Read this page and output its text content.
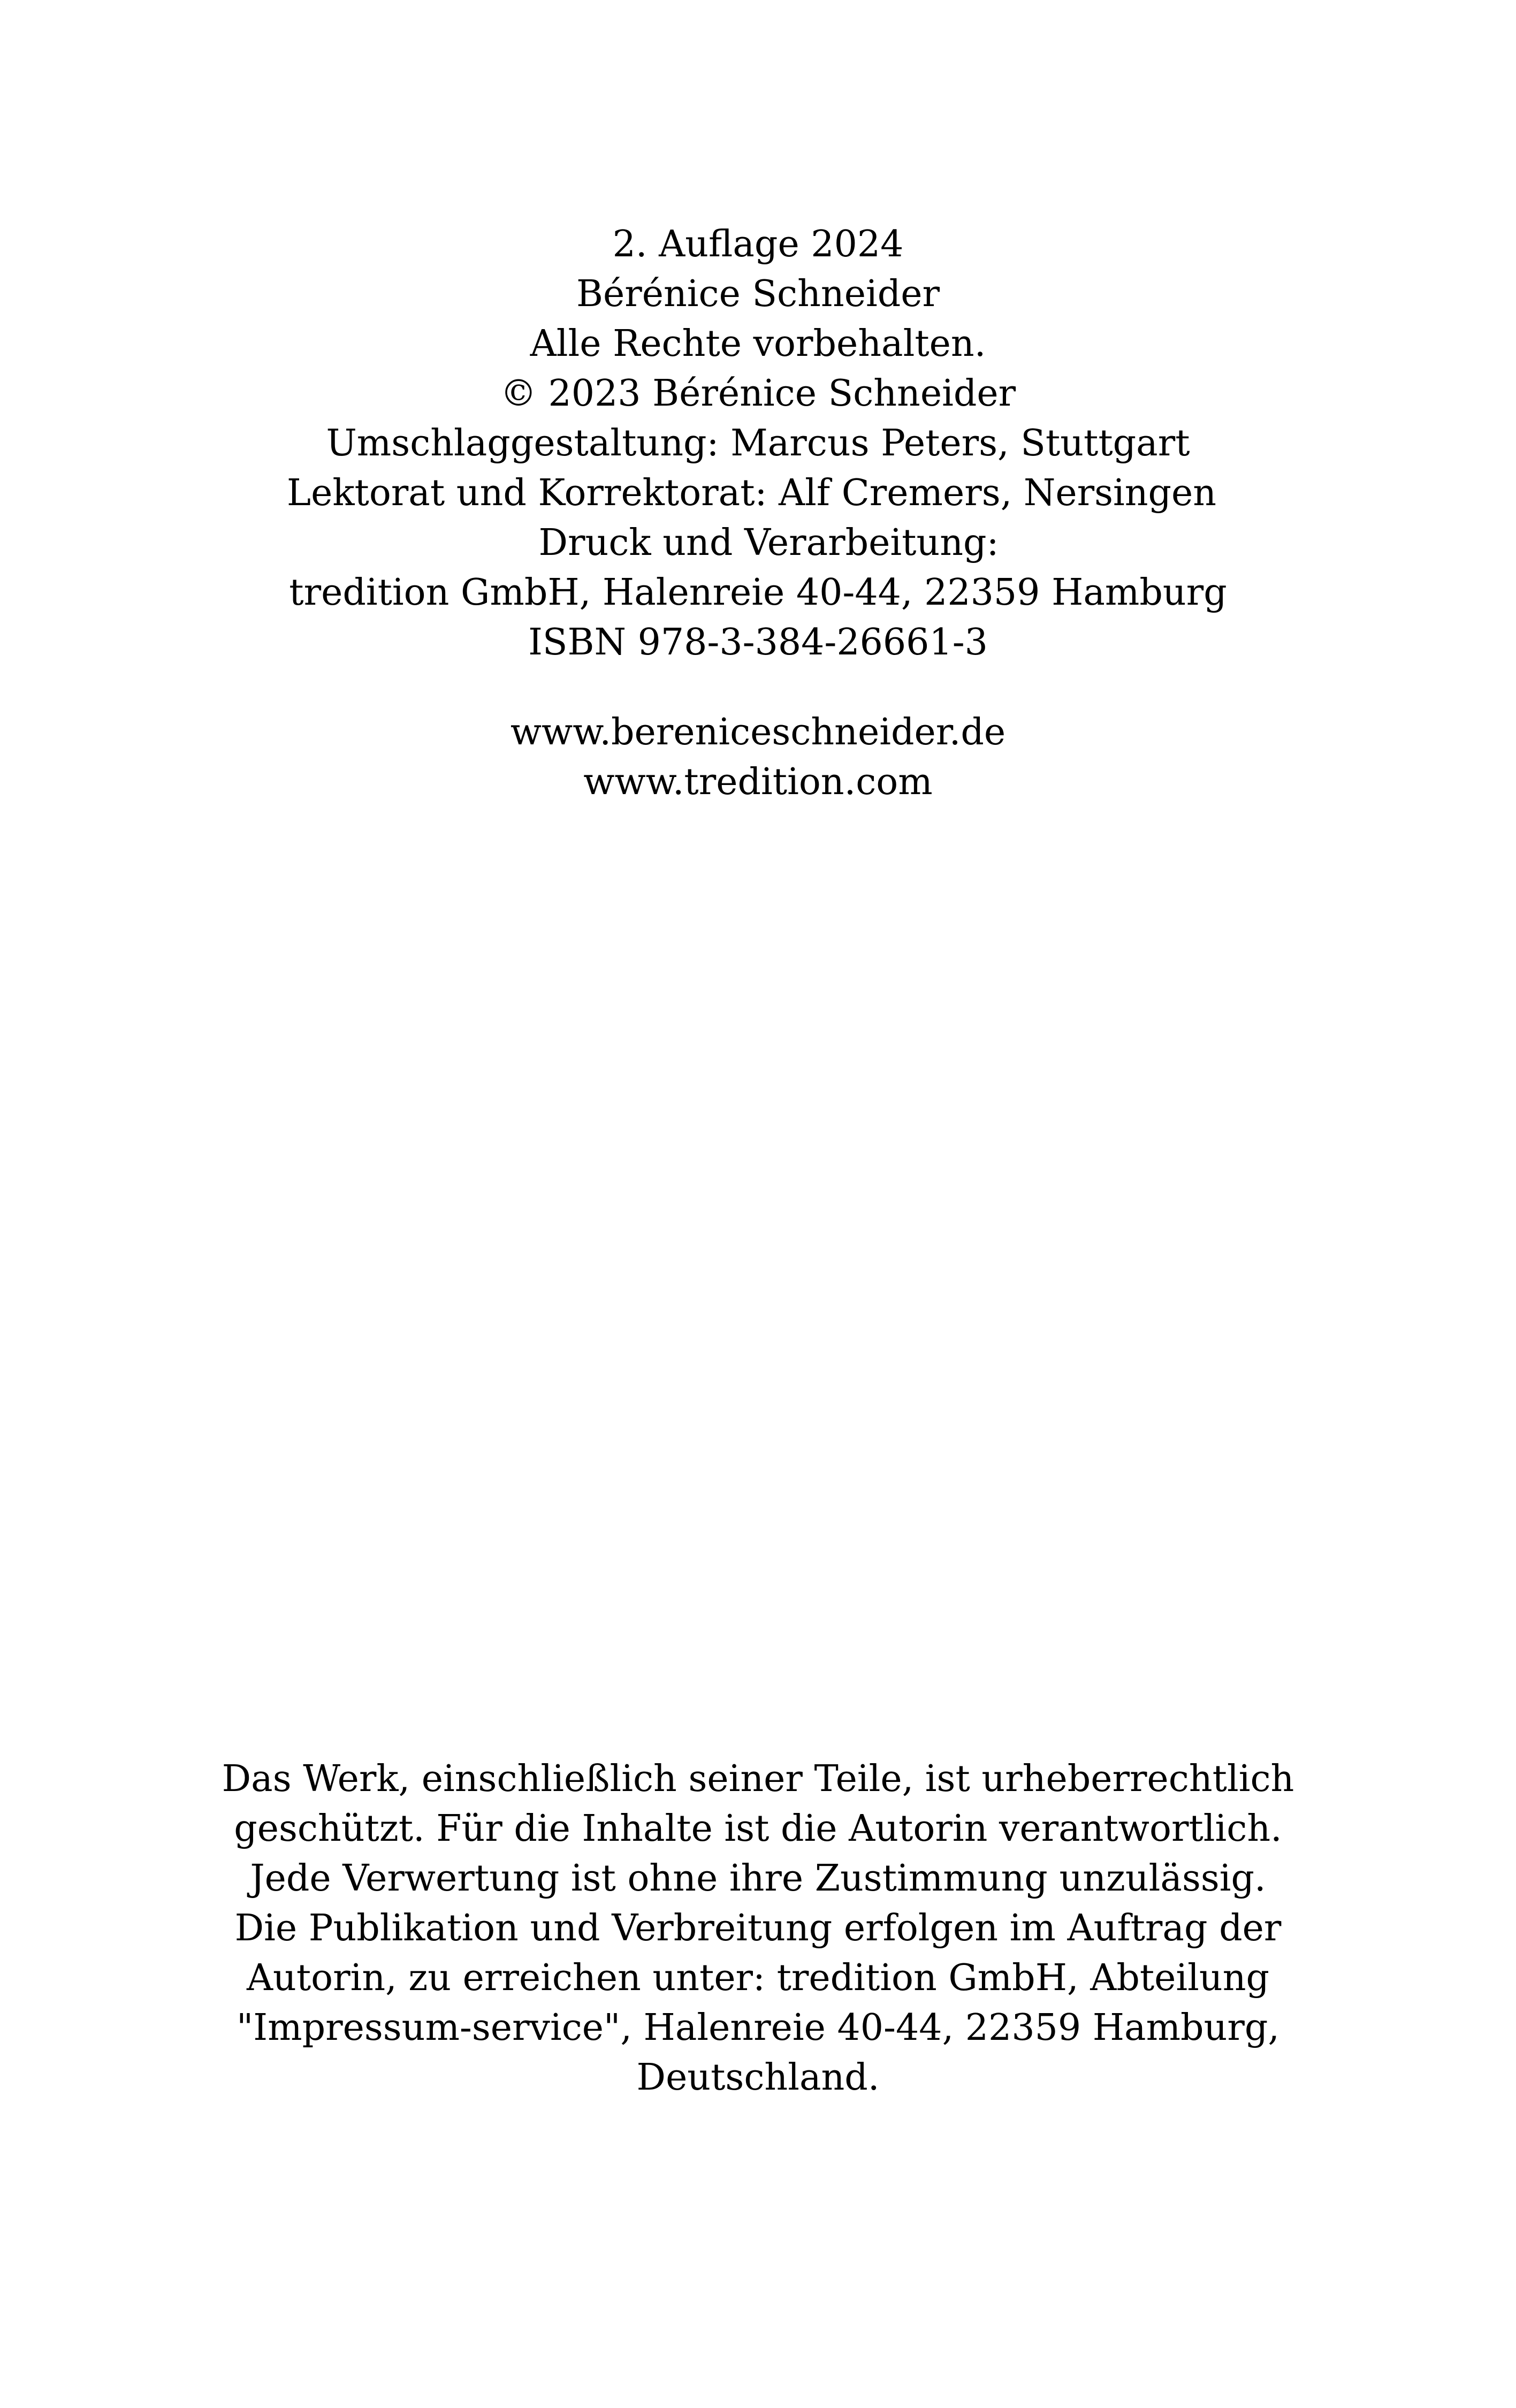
2. Auflage 2024
Bérénice Schneider
Alle Rechte vorbehalten.
© 2023 Bérénice Schneider
Umschlaggestaltung: Marcus Peters, Stuttgart
Lektorat und Korrektorat: Alf Cremers, Nersingen
Druck und Verarbeitung:
tredition GmbH, Halenreie 40-44, 22359 Hamburg
ISBN 978-3-384-26661-3
www.bereniceschneider.de
www.tredition.com
Das Werk, einschließlich seiner Teile, ist urheberrechtlich
geschützt. Für die Inhalte ist die Autorin verantwortlich.
Jede Verwertung ist ohne ihre Zustimmung unzulässig.
Die Publikation und Verbreitung erfolgen im Auftrag der
Autorin, zu erreichen unter: tredition GmbH, Abteilung
"Impressum-service", Halenreie 40-44, 22359 Hamburg,
Deutschland.
